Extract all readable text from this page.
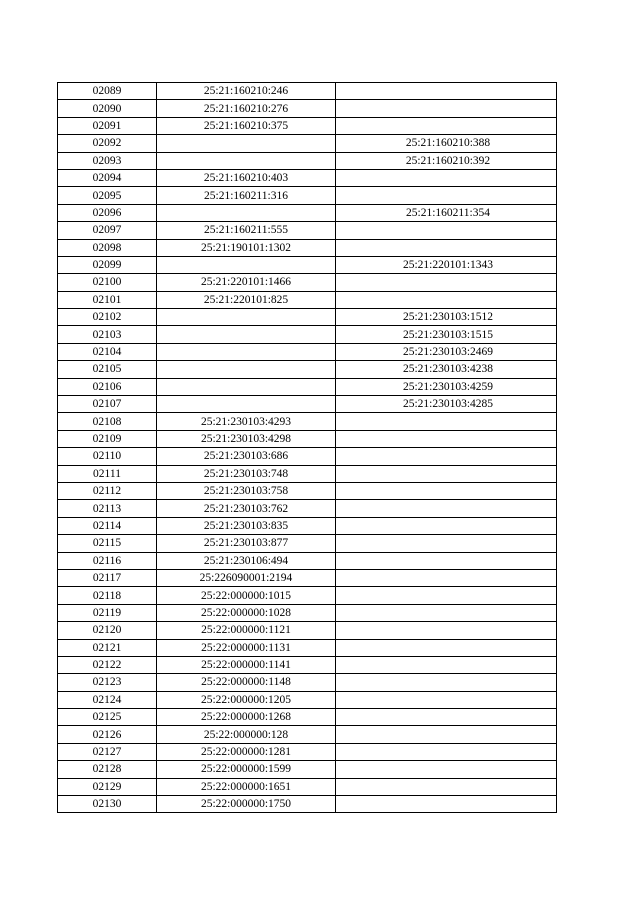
02089	25:21:160210:246	
02090	25:21:160210:276	
02091	25:21:160210:375	
02092		25:21:160210:388
02093		25:21:160210:392
02094	25:21:160210:403	
02095	25:21:160211:316	
02096		25:21:160211:354
02097	25:21:160211:555	
02098	25:21:190101:1302	
02099		25:21:220101:1343
02100	25:21:220101:1466	
02101	25:21:220101:825	
02102		25:21:230103:1512
02103		25:21:230103:1515
02104		25:21:230103:2469
02105		25:21:230103:4238
02106		25:21:230103:4259
02107		25:21:230103:4285
02108	25:21:230103:4293	
02109	25:21:230103:4298	
02110	25:21:230103:686	
02111	25:21:230103:748	
02112	25:21:230103:758	
02113	25:21:230103:762	
02114	25:21:230103:835	
02115	25:21:230103:877	
02116	25:21:230106:494	
02117	25:226090001:2194	
02118	25:22:000000:1015	
02119	25:22:000000:1028	
02120	25:22:000000:1121	
02121	25:22:000000:1131	
02122	25:22:000000:1141	
02123	25:22:000000:1148	
02124	25:22:000000:1205	
02125	25:22:000000:1268	
02126	25:22:000000:128	
02127	25:22:000000:1281	
02128	25:22:000000:1599	
02129	25:22:000000:1651	
02130	25:22:000000:1750	
